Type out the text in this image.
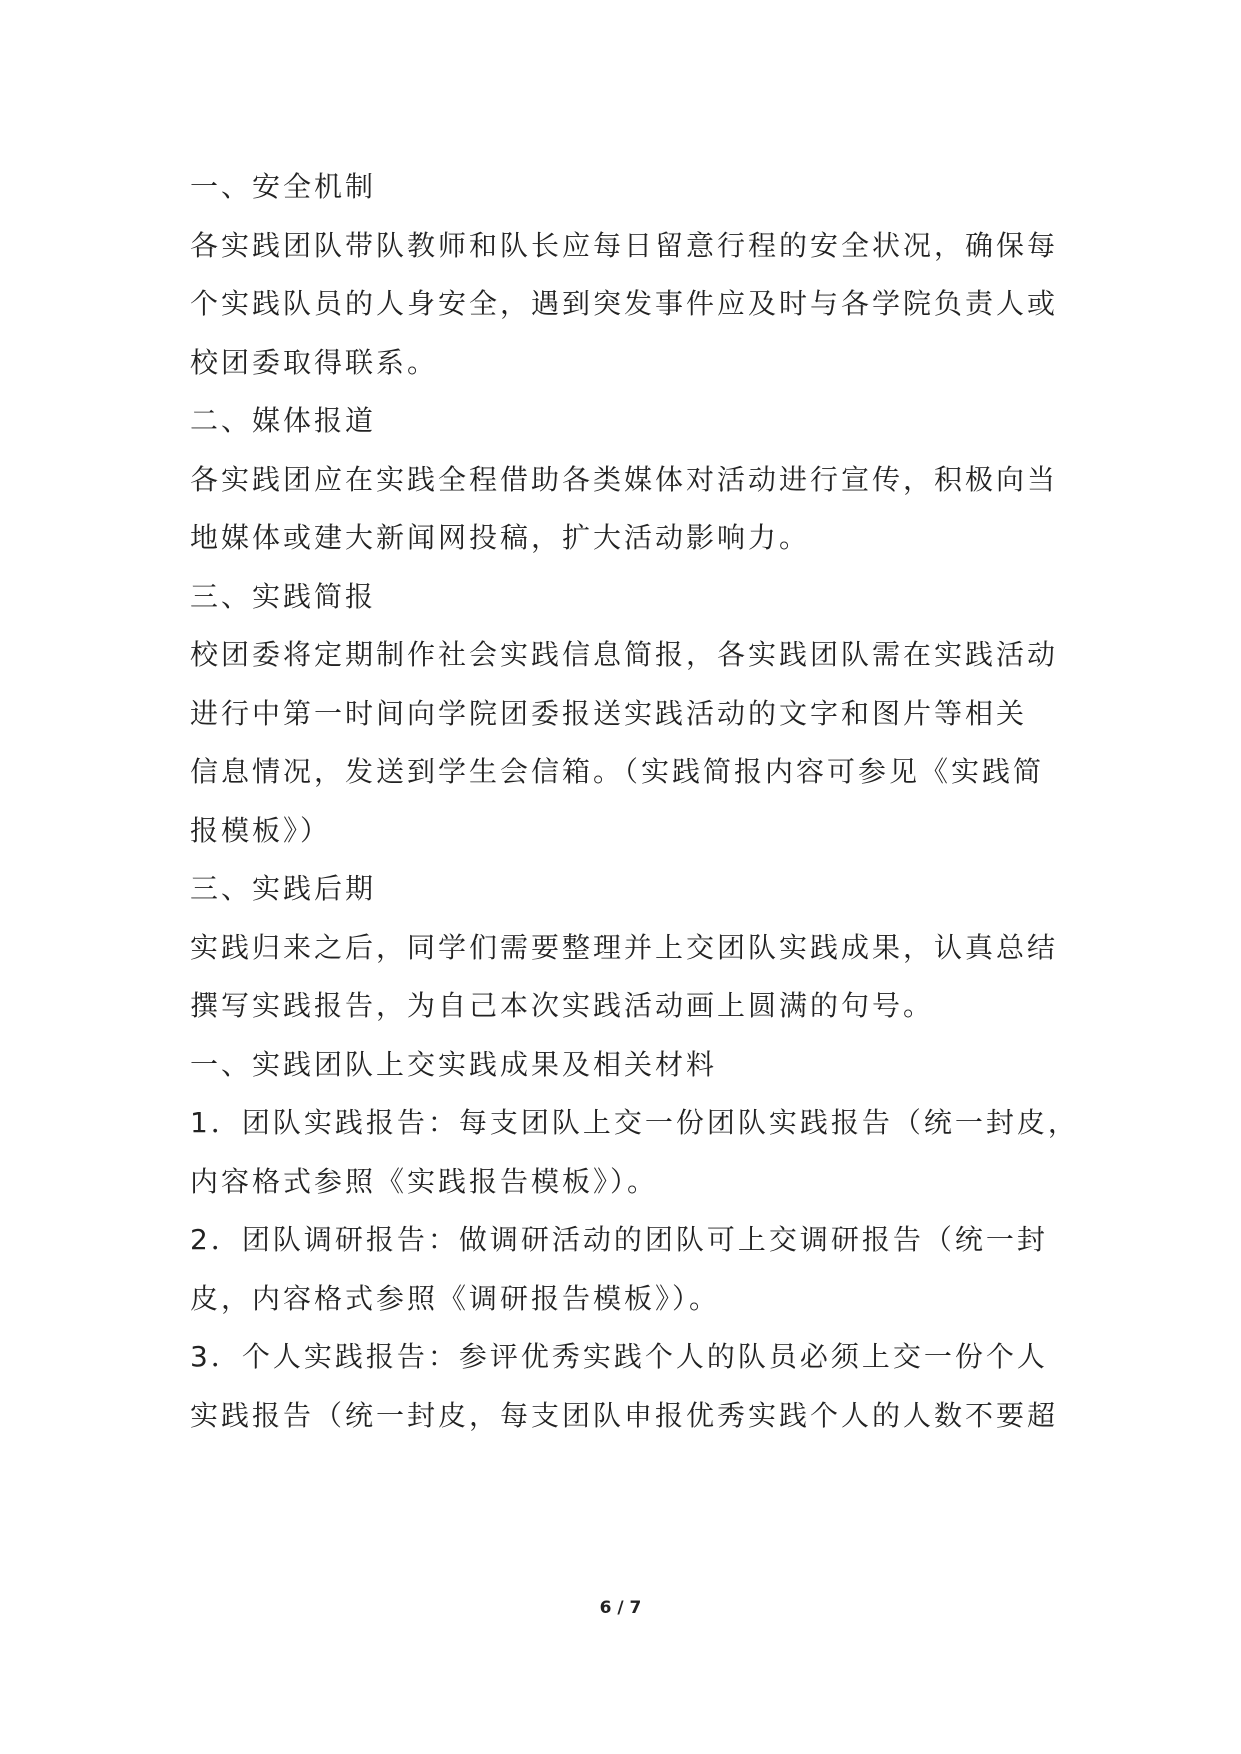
一、安全机制
各实践团队带队教师和队长应每日留意行程的安全状况，确保每
个实践队员的人身安全，遇到突发事件应及时与各学院负责人或
校团委取得联系。
二、媒体报道
各实践团应在实践全程借助各类媒体对活动进行宣传，积极向当
地媒体或建大新闻网投稿，扩大活动影响力。
三、实践简报
校团委将定期制作社会实践信息简报，各实践团队需在实践活动
进行中第一时间向学院团委报送实践活动的文字和图片等相关
信息情况，发送到学生会信箱。（实践简报内容可参见《实践简
报模板》）
三、实践后期
实践归来之后，同学们需要整理并上交团队实践成果，认真总结
撰写实践报告，为自己本次实践活动画上圆满的句号。
一、实践团队上交实践成果及相关材料
1．团队实践报告：每支团队上交一份团队实践报告（统一封皮，
内容格式参照《实践报告模板》）。
2．团队调研报告：做调研活动的团队可上交调研报告（统一封
皮，内容格式参照《调研报告模板》）。
3．个人实践报告：参评优秀实践个人的队员必须上交一份个人
实践报告（统一封皮，每支团队申报优秀实践个人的人数不要超
6 / 7
